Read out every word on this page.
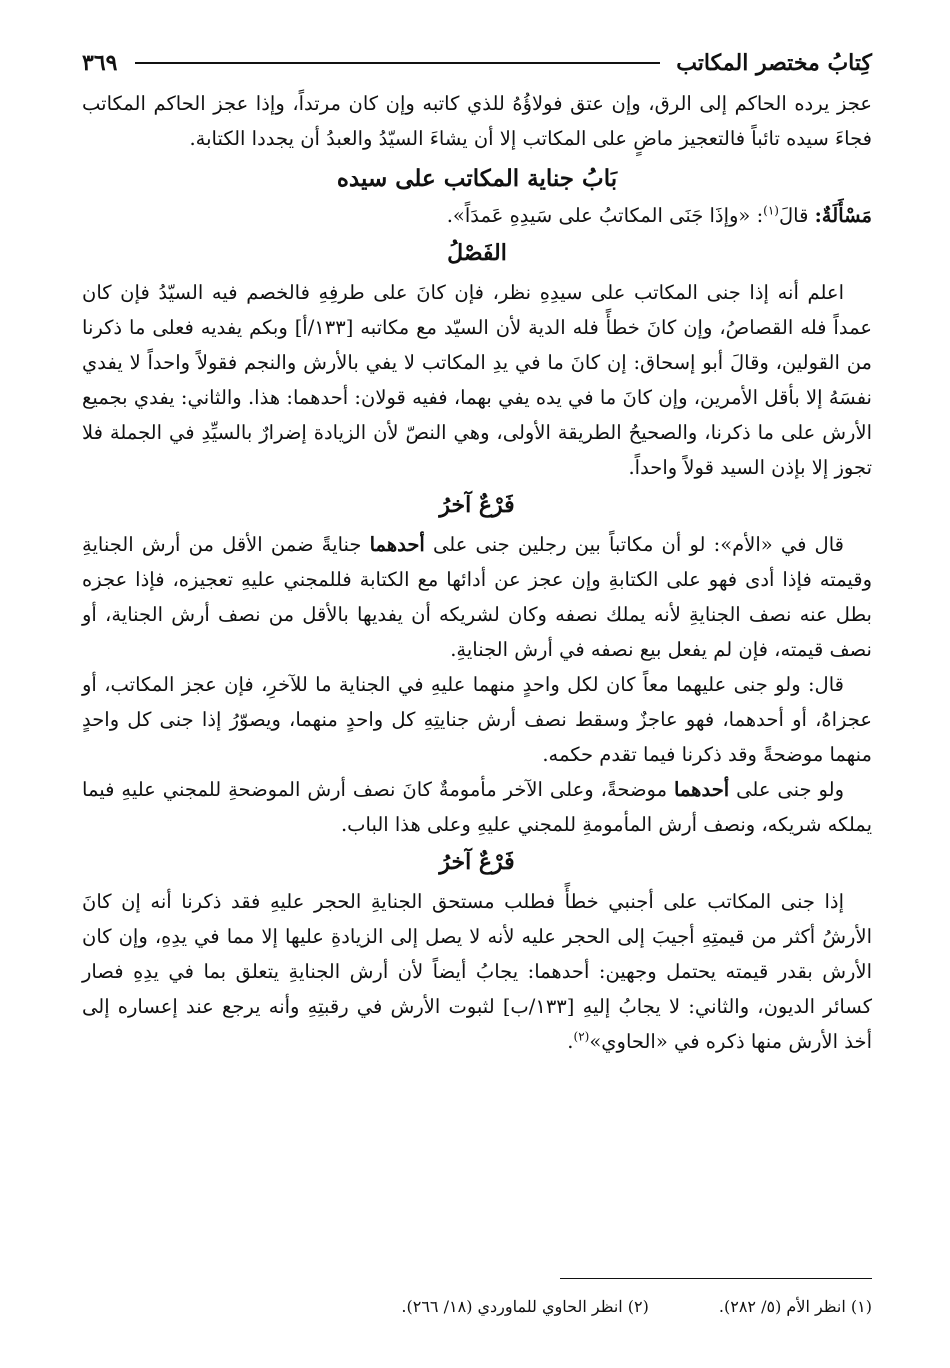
كِتابُ مختصر المكاتب
٣٦٩

عجز يرده الحاكم إلى الرق، وإن عتق فولاؤُهُ للذي كاتبه وإن كان مرتداً، وإذا عجز الحاكم المكاتب فجاءَ سيده تائباً فالتعجيز ماضٍ على المكاتب إلا أن يشاءَ السيّدُ والعبدُ أن يجددا الكتابة.

بَابُ جناية المكاتب على سيده

مَسْأَلَةٌ: قالَ$^{(١)}$: «وإذَا جَنَى المكاتبُ على سَيدِهِ عَمدَاً».

الفَصْلُ

اعلم أنه إذا جنى المكاتب على سيدِهِ نظر، فإن كانَ على طرفِهِ فالخصم فيه السيّدُ فإن كان عمداً فله القصاصُ، وإن كانَ خطأً فله الدية لأن السيّد مع مكاتبه [١٣٣/أ] وبكم يفديه فعلى ما ذكرنا من القولين، وقالَ أبو إسحاق: إن كانَ ما في يدِ المكاتب لا يفي بالأرش والنجم فقولاً واحداً لا يفدي نفسَهُ إلا بأقل الأمرين، وإن كانَ ما في يده يفي بهما، ففيه قولان: أحدهما: هذا. والثاني: يفدي بجميع الأرش على ما ذكرنا، والصحيحُ الطريقة الأولى، وهي النصّ لأن الزيادة إضرارٌ بالسيِّدِ في الجملة فلا تجوز إلا بإذن السيد قولاً واحداً.

فَرْعٌ آخرُ

قال في «الأم»: لو أن مكاتباً بين رجلين جنى على أحدهما جنايةً ضمن الأقل من أرش الجنايةِ وقيمته فإذا أدى فهو على الكتابةِ وإن عجز عن أدائها مع الكتابة فللمجني عليهِ تعجيزه، فإذا عجزه بطل عنه نصف الجنايةِ لأنه يملك نصفه وكان لشريكه أن يفديها بالأقل من نصف أرش الجناية، أو نصف قيمته، فإن لم يفعل بيع نصفه في أرش الجنايةِ.

قال: ولو جنى عليهما معاً كان لكل واحدٍ منهما عليهِ في الجناية ما للآخرِ، فإن عجز المكاتب، أو عجزاهُ، أو أحدهما، فهو عاجزٌ وسقط نصف أرش جنايتِهِ كل واحدٍ منهما، ويصوّرُ إذا جنى كل واحدٍ منهما موضحةً وقد ذكرنا فيما تقدم حكمه.

ولو جنى على أحدهما موضحةً، وعلى الآخر مأمومةٌ كانَ نصف أرش الموضحةِ للمجني عليهِ فيما يملكه شريكه، ونصف أرش المأمومةِ للمجني عليهِ وعلى هذا الباب.

فَرْعٌ آخرُ

إذا جنى المكاتب على أجنبي خطأً فطلب مستحق الجنايةِ الحجر عليهِ فقد ذكرنا أنه إن كانَ الأرشُ أكثر من قيمتِهِ أجيبَ إلى الحجر عليه لأنه لا يصل إلى الزيادةِ عليها إلا مما في يدِهِ، وإن كان الأرش بقدر قيمته يحتمل وجهين: أحدهما: يجابُ أيضاً لأن أرش الجنايةِ يتعلق بما في يدِهِ فصار كسائر الديون، والثاني: لا يجابُ إليهِ [١٣٣/ب] لثبوت الأرش في رقبتِهِ وأنه يرجع عند إعساره إلى أخذ الأرش منها ذكره في «الحاوي»$^{(٢)}$.

(١) انظر الأم (٥/ ٢٨٢).
(٢) انظر الحاوي للماوردي (١٨/ ٢٦٦).
